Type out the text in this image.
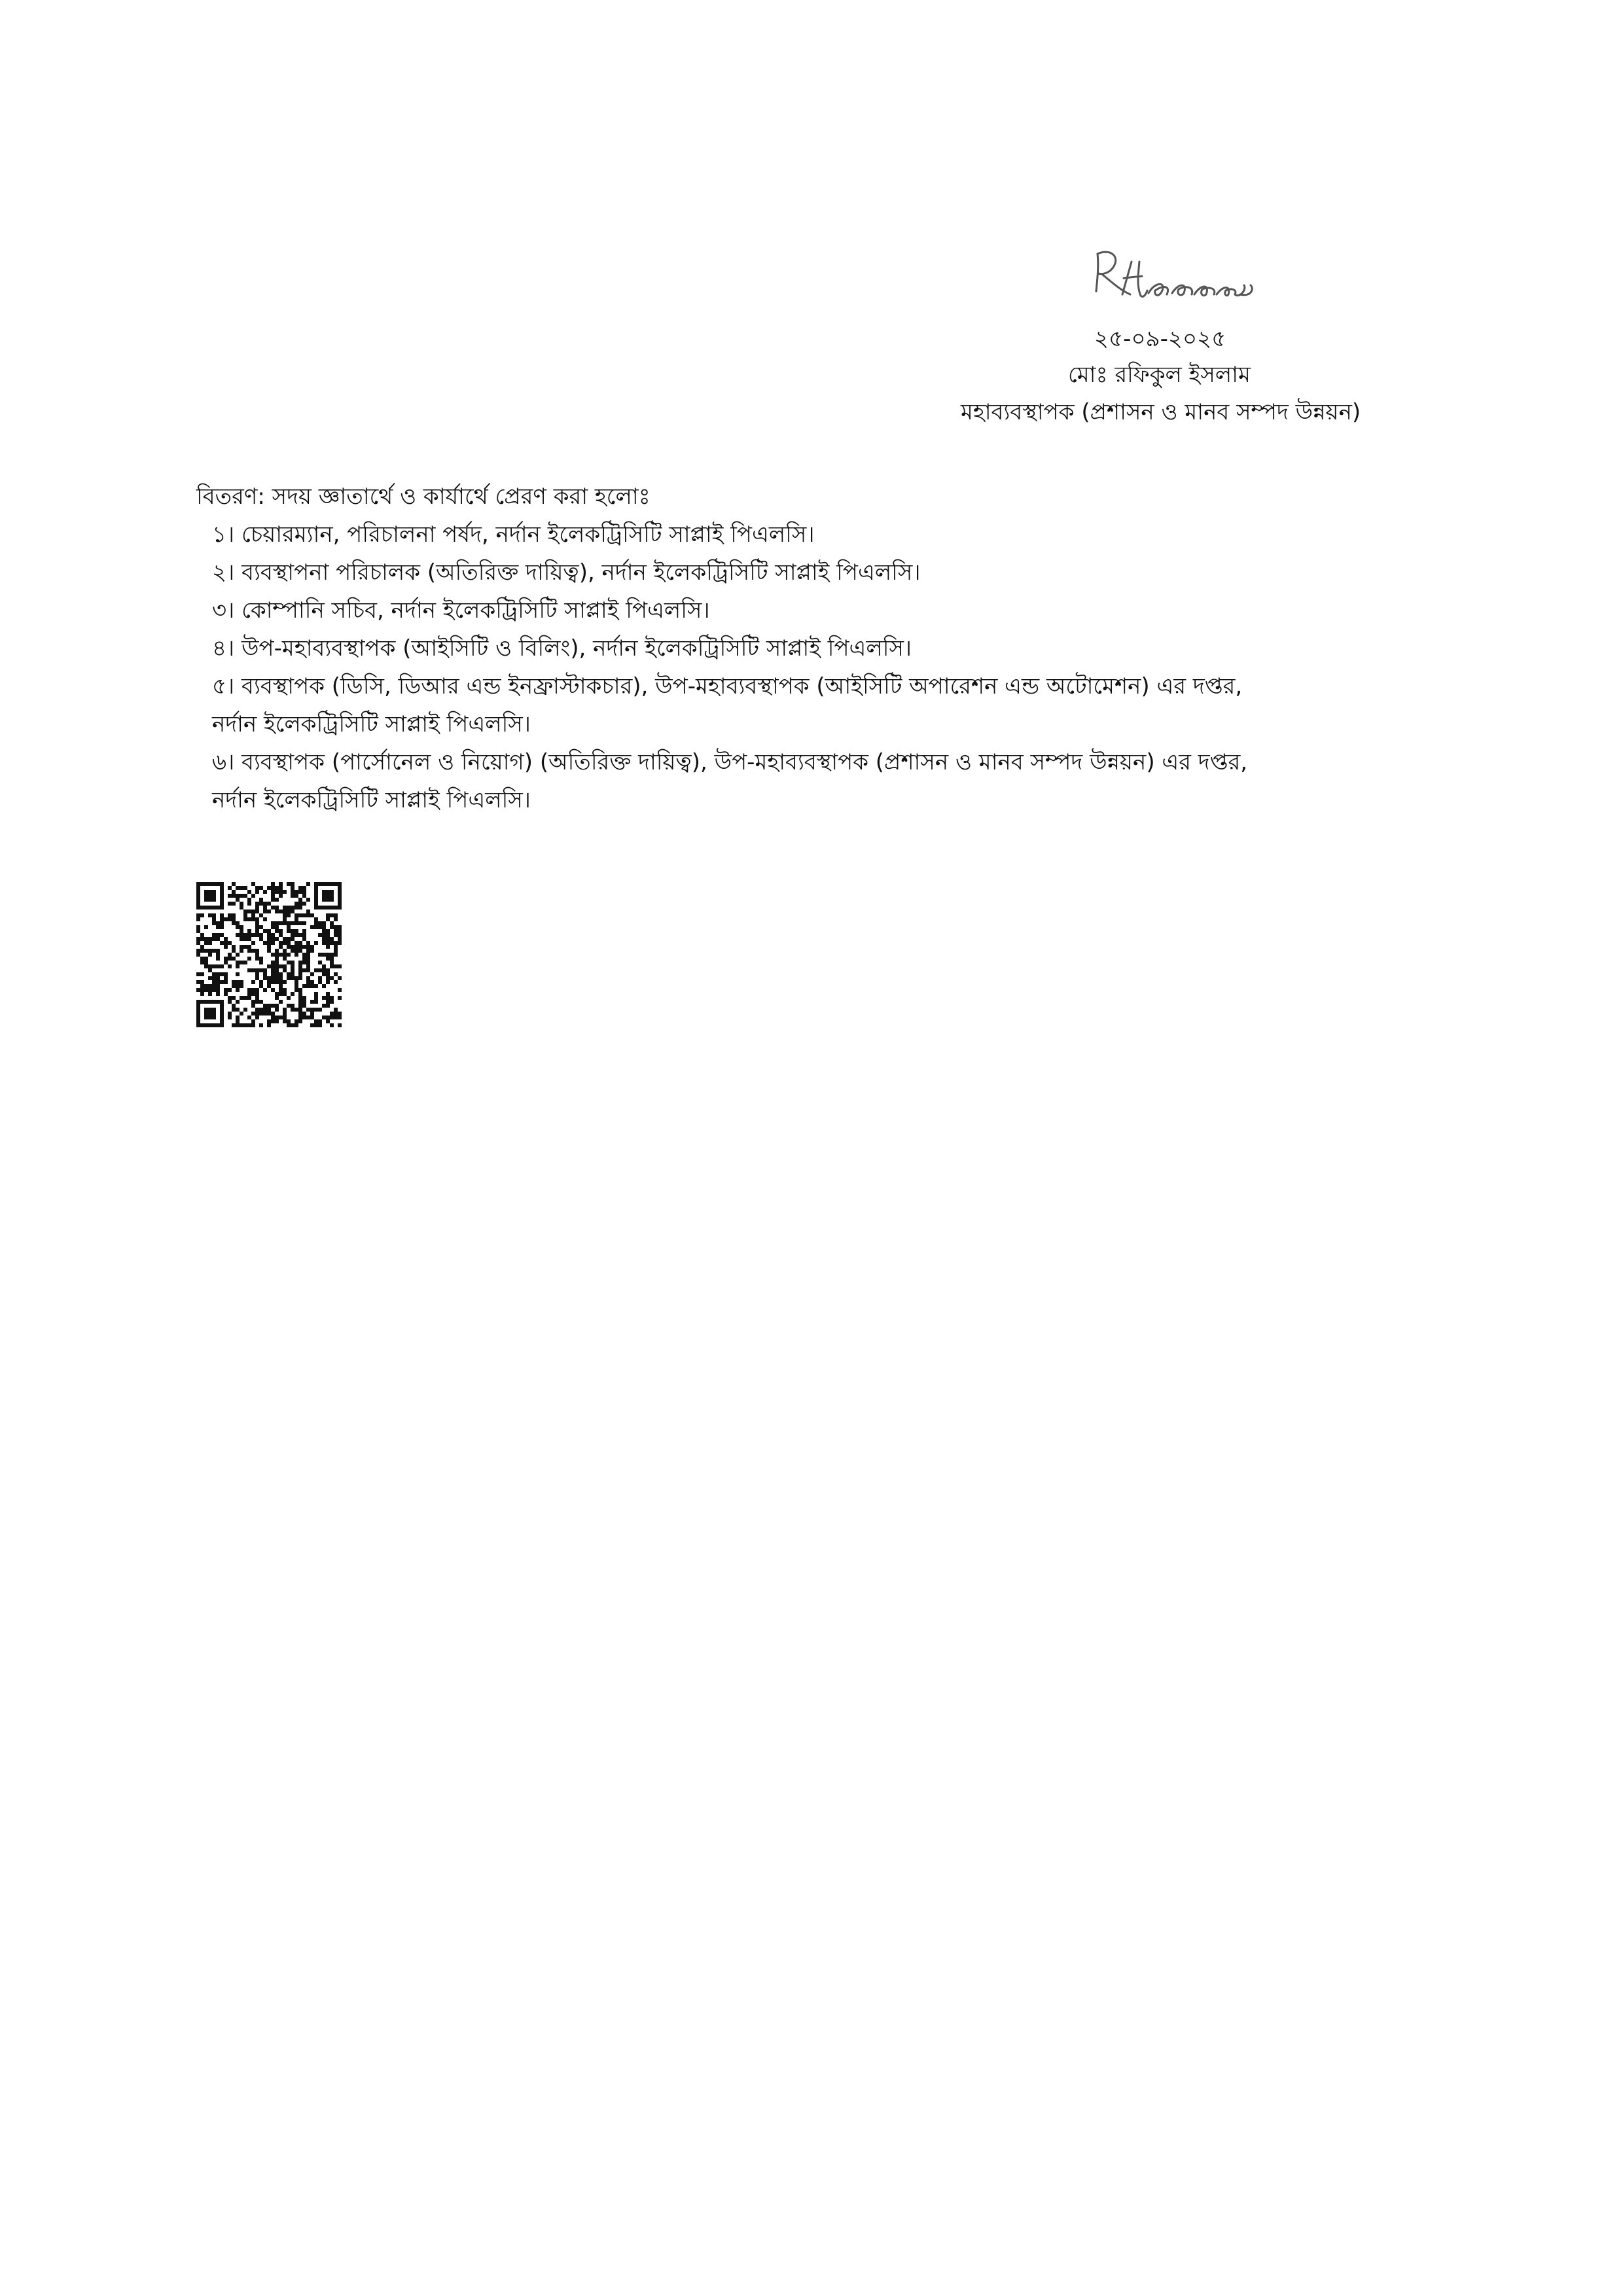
২৫-০৯-২০২৫
মোঃ রফিকুল ইসলাম
মহাব্যবস্থাপক (প্রশাসন ও মানব সম্পদ উন্নয়ন)
বিতরণ: সদয় জ্ঞাতার্থে ও কার্যার্থে প্রেরণ করা হলোঃ
১। চেয়ারম্যান, পরিচালনা পর্ষদ, নর্দান ইলেকট্রিসিটি সাপ্লাই পিএলসি।
২। ব্যবস্থাপনা পরিচালক (অতিরিক্ত দায়িত্ব), নর্দান ইলেকট্রিসিটি সাপ্লাই পিএলসি।
৩। কোম্পানি সচিব, নর্দান ইলেকট্রিসিটি সাপ্লাই পিএলসি।
৪। উপ-মহাব্যবস্থাপক (আইসিটি ও বিলিং), নর্দান ইলেকট্রিসিটি সাপ্লাই পিএলসি।
৫। ব্যবস্থাপক (ডিসি, ডিআর এন্ড ইনফ্রাস্টাকচার), উপ-মহাব্যবস্থাপক (আইসিটি অপারেশন এন্ড অটোমেশন) এর দপ্তর,
নর্দান ইলেকট্রিসিটি সাপ্লাই পিএলসি।
৬। ব্যবস্থাপক (পার্সোনেল ও নিয়োগ) (অতিরিক্ত দায়িত্ব), উপ-মহাব্যবস্থাপক (প্রশাসন ও মানব সম্পদ উন্নয়ন) এর দপ্তর,
নর্দান ইলেকট্রিসিটি সাপ্লাই পিএলসি।
